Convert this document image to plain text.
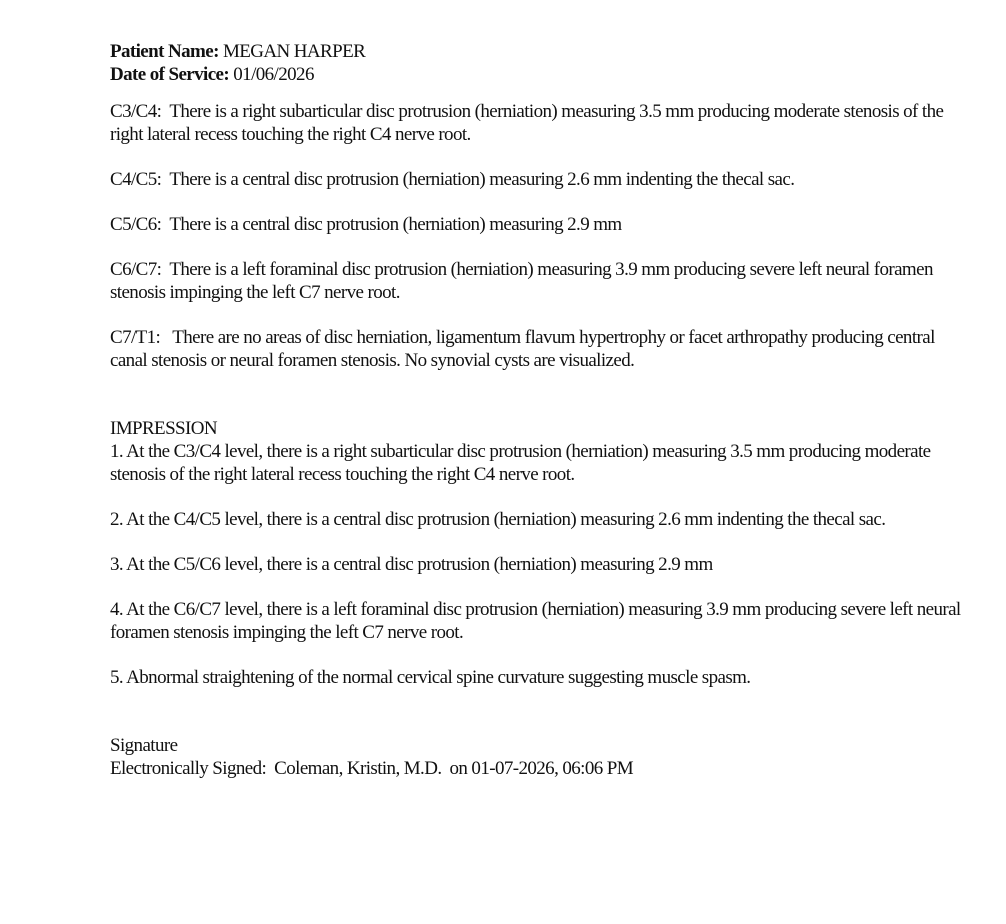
Patient Name: MEGAN HARPER
Date of Service: 01/06/2026

C3/C4: There is a right subarticular disc protrusion (herniation) measuring 3.5 mm producing moderate stenosis of the right lateral recess touching the right C4 nerve root.

C4/C5: There is a central disc protrusion (herniation) measuring 2.6 mm indenting the thecal sac.

C5/C6: There is a central disc protrusion (herniation) measuring 2.9 mm

C6/C7: There is a left foraminal disc protrusion (herniation) measuring 3.9 mm producing severe left neural foramen stenosis impinging the left C7 nerve root.

C7/T1: There are no areas of disc herniation, ligamentum flavum hypertrophy or facet arthropathy producing central canal stenosis or neural foramen stenosis. No synovial cysts are visualized.

IMPRESSION

1. At the C3/C4 level, there is a right subarticular disc protrusion (herniation) measuring 3.5 mm producing moderate stenosis of the right lateral recess touching the right C4 nerve root.

2. At the C4/C5 level, there is a central disc protrusion (herniation) measuring 2.6 mm indenting the thecal sac.

3. At the C5/C6 level, there is a central disc protrusion (herniation) measuring 2.9 mm

4. At the C6/C7 level, there is a left foraminal disc protrusion (herniation) measuring 3.9 mm producing severe left neural foramen stenosis impinging the left C7 nerve root.

5. Abnormal straightening of the normal cervical spine curvature suggesting muscle spasm.

Signature

Electronically Signed: Coleman, Kristin, M.D. on 01-07-2026, 06:06 PM
